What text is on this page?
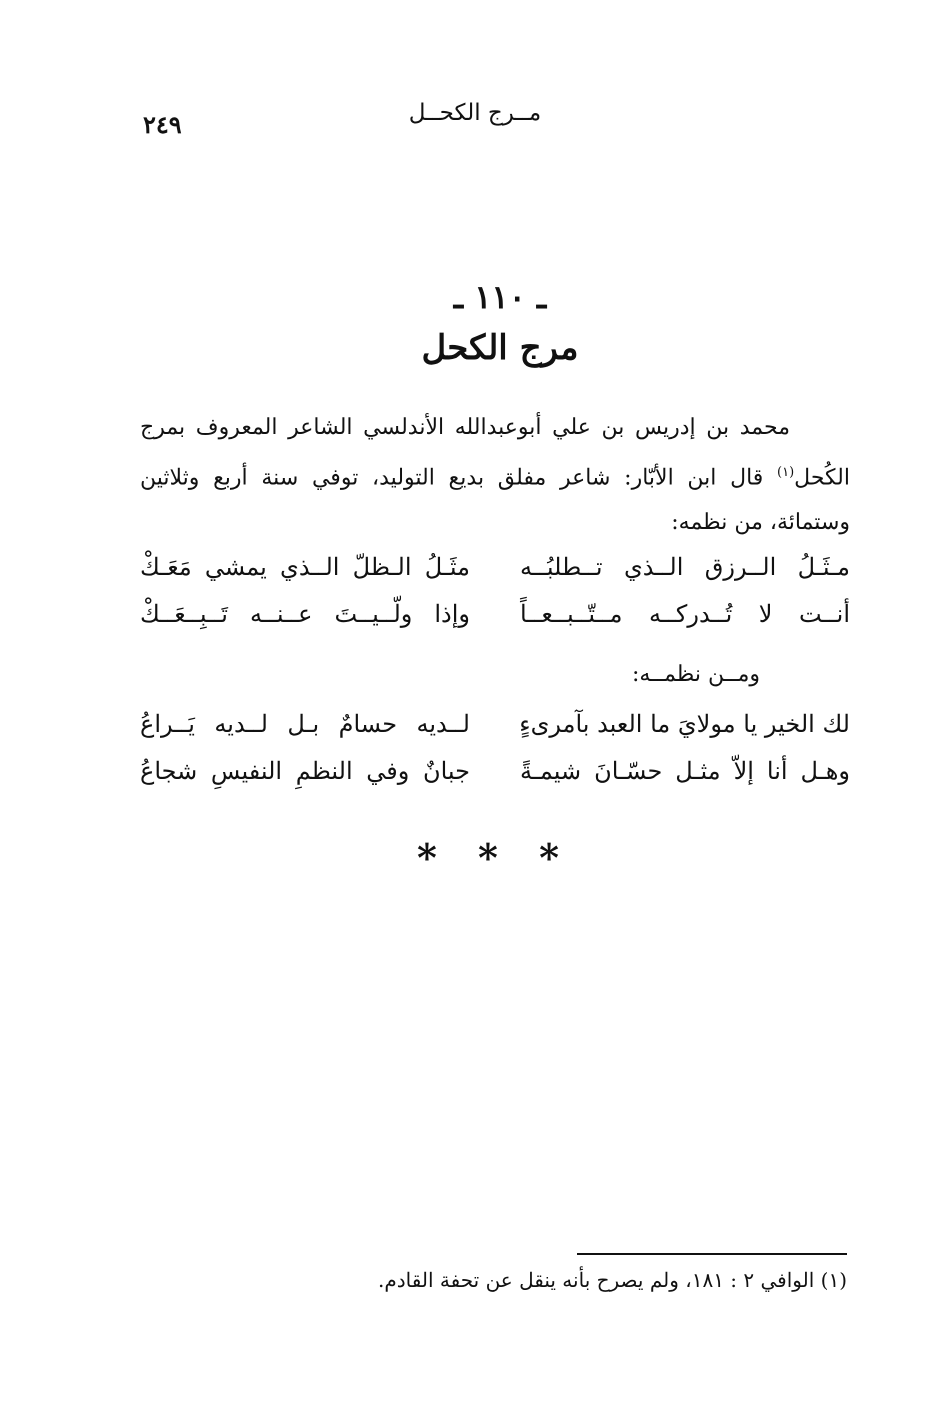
مــرج الكحــل
٢٤٩
ـ ١١٠ ـ
مرج الكحل
محمد بن إدريس بن علي أبوعبدالله الأندلسي الشاعر المعروف بمرج الكُحل$^{(١)}$ قال ابن الأبّار: شاعر مفلق بديع التوليد، توفي سنة أربع وثلاثين وستمائة، من نظمه:
مـثَـلُ الــرزق الــذي تــطلبُــه
مثَـلُ الـظلّ الــذي يمشي مَعَـكْ
أنــت لا تُــدركــه مــتّــبــعــاً
وإذا ولّــيــتَ عــنــه تَــبِــعَــكْ
ومــن نظمــه:
لك الخير يا مولايَ ما العبد بآمرىءٍ
لــديه حسامٌ بـل لــديه يَــراعُ
وهـل أنا إلاّ مثـل حسّـانَ شيمـةً
جبانٌ وفي النظمِ النفيسِ شجاعُ
* * *
(١) الوافي ٢ : ١٨١، ولم يصرح بأنه ينقل عن تحفة القادم.
